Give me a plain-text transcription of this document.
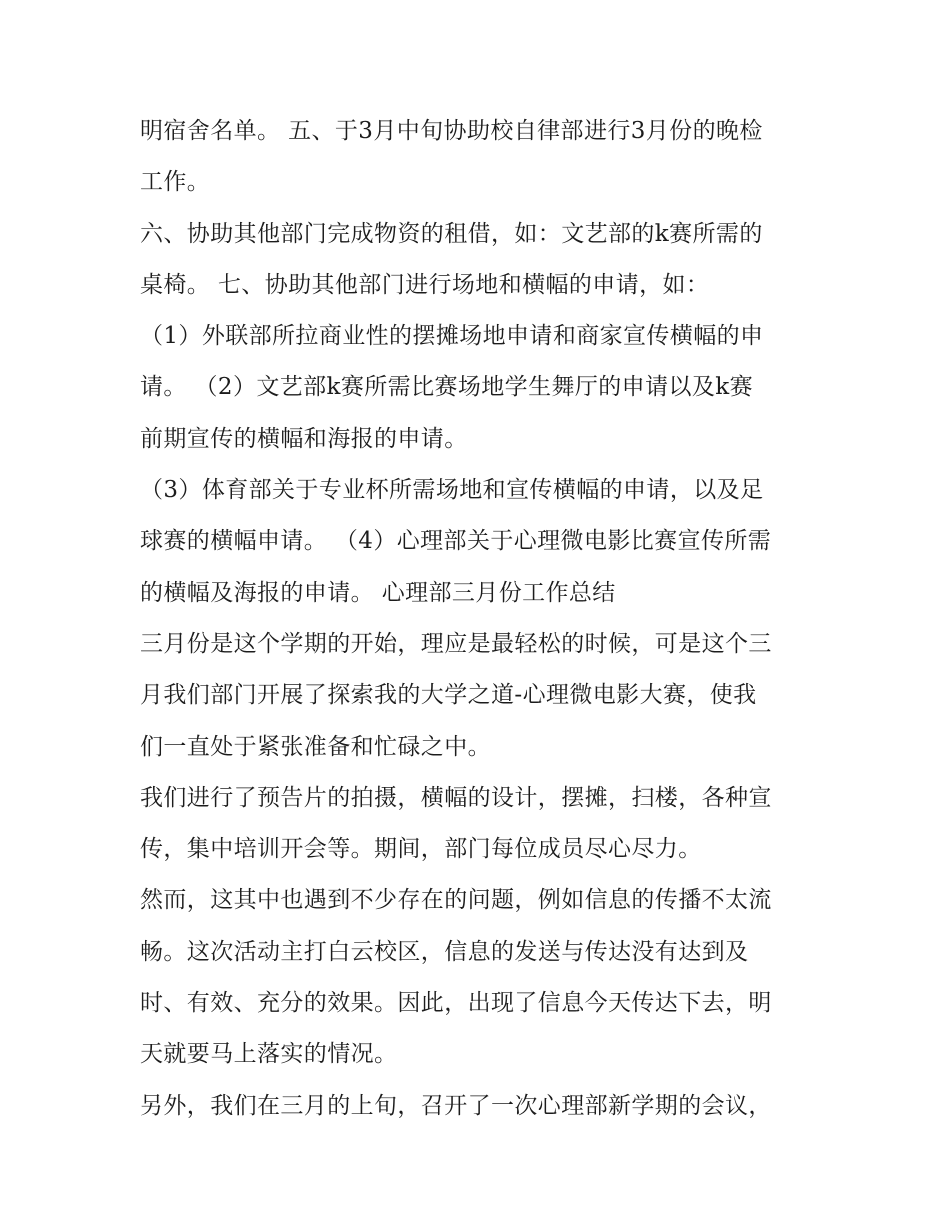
明宿舍名单。 五、于3月中旬协助校自律部进行3月份的晚检
工作。
六、协助其他部门完成物资的租借，如：文艺部的k赛所需的
桌椅。 七、协助其他部门进行场地和横幅的申请，如：
（1）外联部所拉商业性的摆摊场地申请和商家宣传横幅的申
请。 （2）文艺部k赛所需比赛场地学生舞厅的申请以及k赛
前期宣传的横幅和海报的申请。
（3）体育部关于专业杯所需场地和宣传横幅的申请，以及足
球赛的横幅申请。 （4）心理部关于心理微电影比赛宣传所需
的横幅及海报的申请。 心理部三月份工作总结
三月份是这个学期的开始，理应是最轻松的时候，可是这个三
月我们部门开展了探索我的大学之道-心理微电影大赛，使我
们一直处于紧张准备和忙碌之中。
我们进行了预告片的拍摄，横幅的设计，摆摊，扫楼，各种宣
传，集中培训开会等。期间，部门每位成员尽心尽力。
然而，这其中也遇到不少存在的问题，例如信息的传播不太流
畅。这次活动主打白云校区，信息的发送与传达没有达到及
时、有效、充分的效果。因此，出现了信息今天传达下去，明
天就要马上落实的情况。
另外，我们在三月的上旬，召开了一次心理部新学期的会议，
